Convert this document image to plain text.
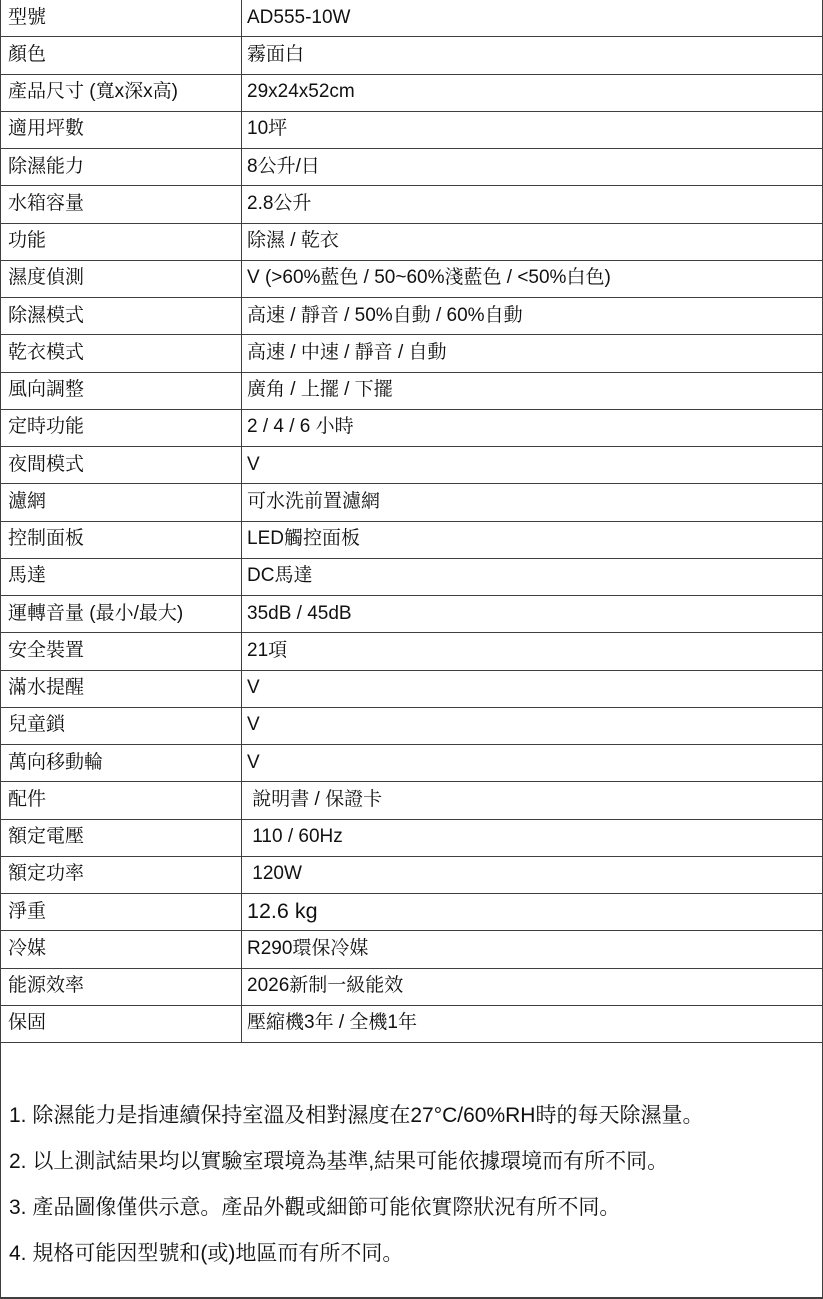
型號	AD555-10W
顏色	霧面白
產品尺寸 (寬x深x高)	29x24x52cm
適用坪數	10坪
除濕能力	8公升/日
水箱容量	2.8公升
功能	除濕 / 乾衣
濕度偵測	V (>60%藍色 / 50~60%淺藍色 / <50%白色)
除濕模式	高速 / 靜音 / 50%自動 / 60%自動
乾衣模式	高速 / 中速 / 靜音 / 自動
風向調整	廣角 / 上擺 / 下擺
定時功能	2 / 4 / 6 小時
夜間模式	V
濾網	可水洗前置濾網
控制面板	LED觸控面板
馬達	DC馬達
運轉音量 (最小/最大)	35dB / 45dB
安全裝置	21項
滿水提醒	V
兒童鎖	V
萬向移動輪	V
配件	說明書 / 保證卡
額定電壓	110 / 60Hz
額定功率	120W
淨重	12.6 kg
冷媒	R290環保冷媒
能源效率	2026新制一級能效
保固	壓縮機3年 / 全機1年
1. 除濕能力是指連續保持室溫及相對濕度在27°C/60%RH時的每天除濕量。
2. 以上測試結果均以實驗室環境為基準,結果可能依據環境而有所不同。
3. 產品圖像僅供示意。產品外觀或細節可能依實際狀況有所不同。
4. 規格可能因型號和(或)地區而有所不同。
